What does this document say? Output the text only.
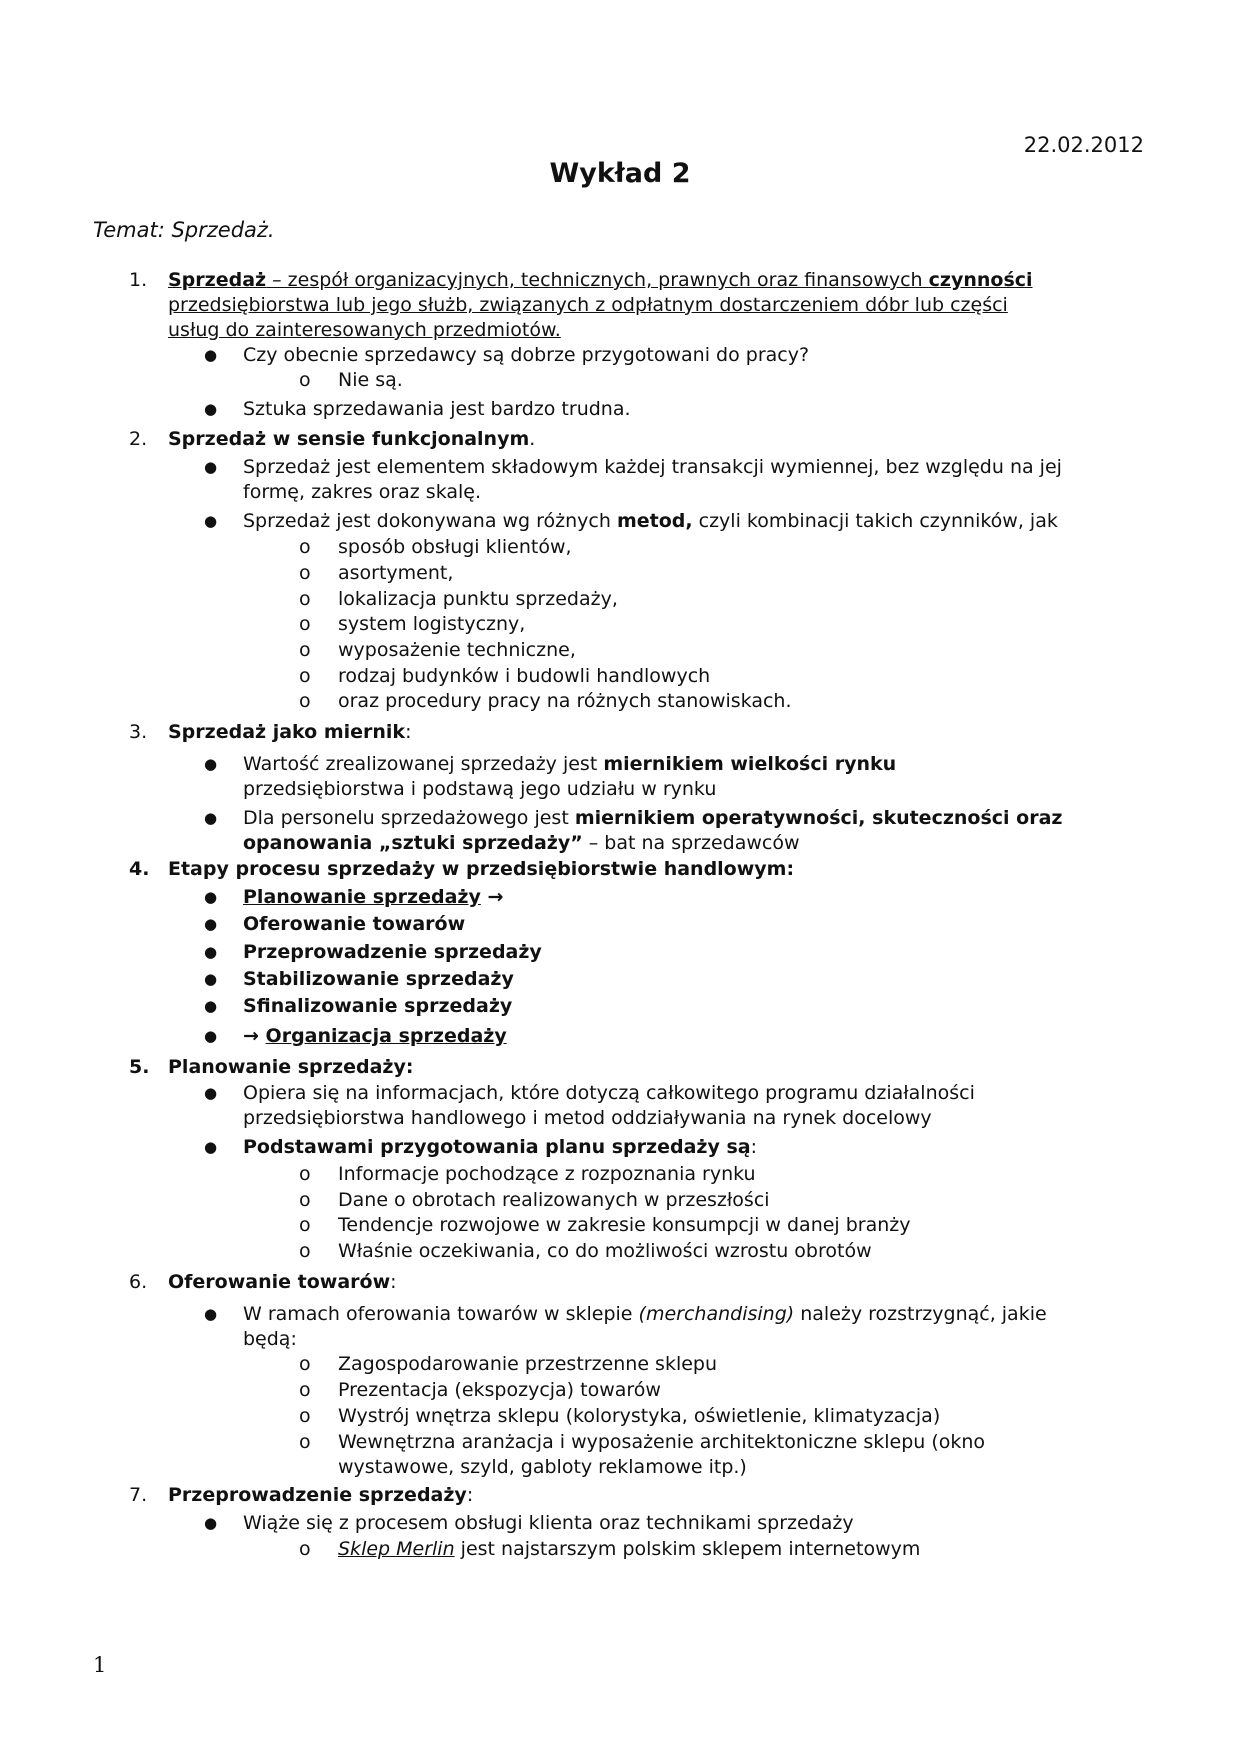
22.02.2012
Wykład 2
Temat: Sprzedaż.
1. Sprzedaż – zespół organizacyjnych, technicznych, prawnych oraz finansowych czynności
przedsiębiorstwa lub jego służb, związanych z odpłatnym dostarczeniem dóbr lub części
usług do zainteresowanych przedmiotów.
● Czy obecnie sprzedawcy są dobrze przygotowani do pracy?
o Nie są.
● Sztuka sprzedawania jest bardzo trudna.
2. Sprzedaż w sensie funkcjonalnym.
● Sprzedaż jest elementem składowym każdej transakcji wymiennej, bez względu na jej
formę, zakres oraz skalę.
● Sprzedaż jest dokonywana wg różnych metod, czyli kombinacji takich czynników, jak
o sposób obsługi klientów,
o asortyment,
o lokalizacja punktu sprzedaży,
o system logistyczny,
o wyposażenie techniczne,
o rodzaj budynków i budowli handlowych
o oraz procedury pracy na różnych stanowiskach.
3. Sprzedaż jako miernik:
● Wartość zrealizowanej sprzedaży jest miernikiem wielkości rynku
przedsiębiorstwa i podstawą jego udziału w rynku
● Dla personelu sprzedażowego jest miernikiem operatywności, skuteczności oraz
opanowania „sztuki sprzedaży” – bat na sprzedawców
4. Etapy procesu sprzedaży w przedsiębiorstwie handlowym:
● Planowanie sprzedaży →
● Oferowanie towarów
● Przeprowadzenie sprzedaży
● Stabilizowanie sprzedaży
● Sfinalizowanie sprzedaży
● → Organizacja sprzedaży
5. Planowanie sprzedaży:
● Opiera się na informacjach, które dotyczą całkowitego programu działalności
przedsiębiorstwa handlowego i metod oddziaływania na rynek docelowy
● Podstawami przygotowania planu sprzedaży są:
o Informacje pochodzące z rozpoznania rynku
o Dane o obrotach realizowanych w przeszłości
o Tendencje rozwojowe w zakresie konsumpcji w danej branży
o Właśnie oczekiwania, co do możliwości wzrostu obrotów
6. Oferowanie towarów:
● W ramach oferowania towarów w sklepie (merchandising) należy rozstrzygnąć, jakie
będą:
o Zagospodarowanie przestrzenne sklepu
o Prezentacja (ekspozycja) towarów
o Wystrój wnętrza sklepu (kolorystyka, oświetlenie, klimatyzacja)
o Wewnętrzna aranżacja i wyposażenie architektoniczne sklepu (okno
wystawowe, szyld, gabloty reklamowe itp.)
7. Przeprowadzenie sprzedaży:
● Wiąże się z procesem obsługi klienta oraz technikami sprzedaży
o Sklep Merlin jest najstarszym polskim sklepem internetowym
1
